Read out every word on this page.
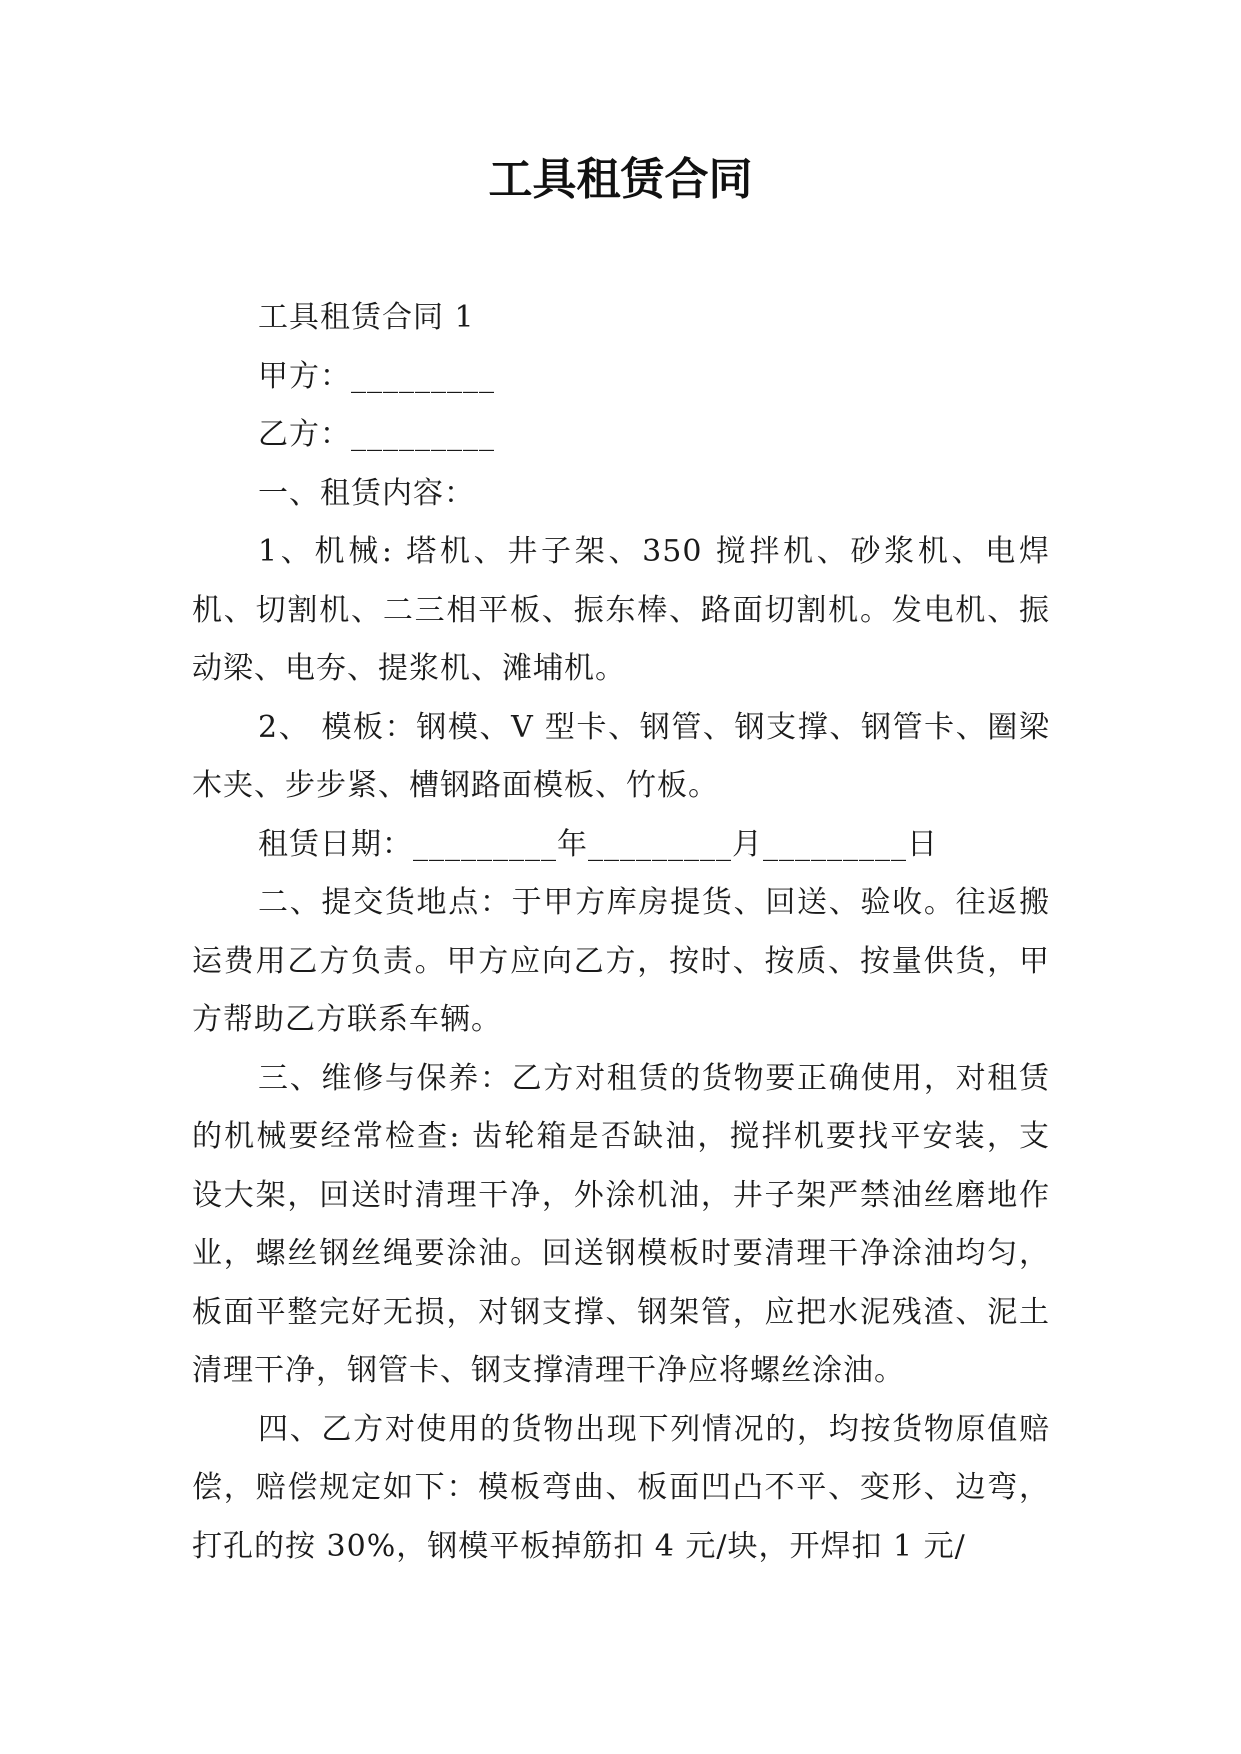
工具租赁合同

工具租赁合同 1

甲方：_________

乙方：_________

一、租赁内容：

1、机械: 塔机、井子架、350 搅拌机、砂浆机、电焊机、切割机、二三相平板、振东棒、路面切割机。发电机、振动梁、电夯、提浆机、滩埔机。

2、 模板：钢模、V 型卡、钢管、钢支撑、钢管卡、圈梁木夹、步步紧、槽钢路面模板、竹板。

租赁日期：_________年_________月_________日

二、提交货地点：于甲方库房提货、回送、验收。往返搬运费用乙方负责。甲方应向乙方，按时、按质、按量供货，甲方帮助乙方联系车辆。

三、维修与保养：乙方对租赁的货物要正确使用，对租赁的机械要经常检查: 齿轮箱是否缺油，搅拌机要找平安装，支设大架，回送时清理干净，外涂机油，井子架严禁油丝磨地作业，螺丝钢丝绳要涂油。回送钢模板时要清理干净涂油均匀，板面平整完好无损，对钢支撑、钢架管，应把水泥残渣、泥土清理干净，钢管卡、钢支撑清理干净应将螺丝涂油。

四、乙方对使用的货物出现下列情况的，均按货物原值赔偿，赔偿规定如下：模板弯曲、板面凹凸不平、变形、边弯，打孔的按 30%，钢模平板掉筋扣 4 元/块，开焊扣 1 元/
